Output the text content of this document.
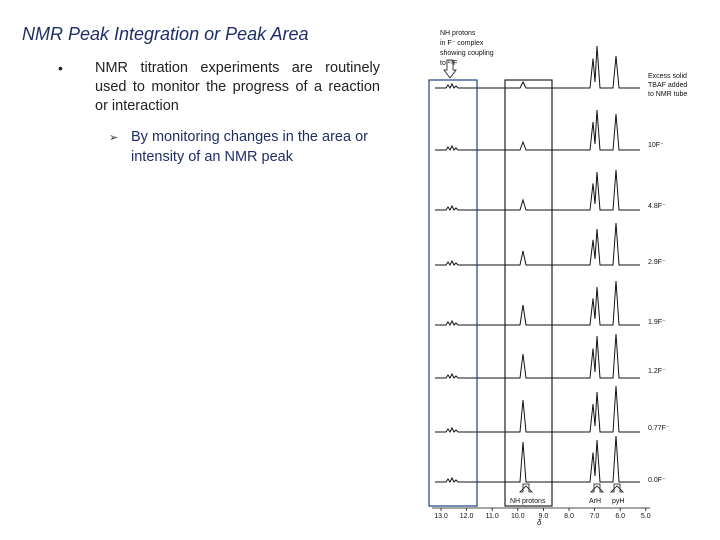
NMR Peak Integration or Peak Area
• NMR titration experiments are routinely used to monitor the progress of a reaction or interaction
➢ By monitoring changes in the area or intensity of an NMR peak
NH protons
in F⁻ complex
showing coupling
to ¹⁹F
Excess solid
TBAF added
to NMR tube
10F⁻
4.8F⁻
2.9F⁻
1.9F⁻
1.2F⁻
0.77F⁻
0.0F⁻
NH protons	ArH pyH
13.0 12.0 11.0 10.0 9.0 8.0 7.0 6.0 5.0
δ
